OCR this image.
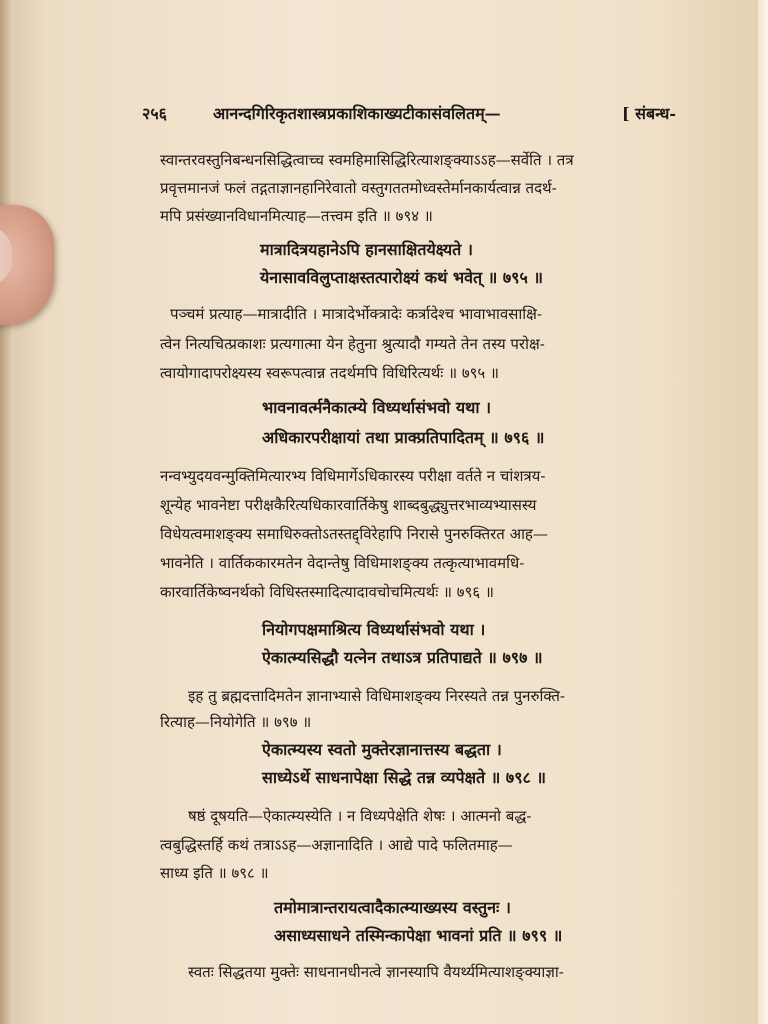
२५६	आनन्दगिरिकृतशास्त्रप्रकाशिकाख्यटीकासंवलितम्—	[ संबन्ध-
स्वान्तरवस्तुनिबन्धनसिद्धित्वाच्च स्वमहिमासिद्धिरित्याशङ्क्याऽऽह—सर्वेति । तत्र
प्रवृत्तमानजं फलं तद्गताज्ञानहानिरेवातो वस्तुगततमोध्वस्तेर्मानकार्यत्वान्न तदर्थ-
मपि प्रसंख्यानविधानमित्याह—तत्त्वम इति ॥ ७९४ ॥
मात्रादित्रयहानेऽपि हानसाक्षितयेक्ष्यते ।
येनासावविलुप्ताक्षस्तत्पारोक्ष्यं कथं भवेत् ॥ ७९५ ॥
पञ्चमं प्रत्याह—मात्रादीति । मात्रादेर्भोक्त्रादेः कर्त्रादेश्च भावाभावसाक्षि-
त्वेन नित्यचित्प्रकाशः प्रत्यगात्मा येन हेतुना श्रुत्यादौ गम्यते तेन तस्य परोक्ष-
त्वायोगादापरोक्ष्यस्य स्वरूपत्वान्न तदर्थमपि विधिरित्यर्थः ॥ ७९५ ॥
भावनावर्त्मनैकात्म्ये विध्यर्थासंभवो यथा ।
अधिकारपरीक्षायां तथा प्राक्प्रतिपादितम् ॥ ७९६ ॥
नन्वभ्युदयवन्मुक्तिमित्यारभ्य विधिमार्गेऽधिकारस्य परीक्षा वर्तते न चांशत्रय-
शून्येह भावनेष्टा परीक्षकैरित्यधिकारवार्तिकेषु शाब्दबुद्ध्युत्तरभाव्यभ्यासस्य
विधेयत्वमाशङ्क्य समाधिरुक्तोऽतस्तद्द्विरेहापि निरासे पुनरुक्तिरत आह—
भावनेति । वार्तिककारमतेन वेदान्तेषु विधिमाशङ्क्य तत्कृत्याभावमधि-
कारवार्तिकेष्वनर्थको विधिस्तस्मादित्यादावचोचमित्यर्थः ॥ ७९६ ॥
नियोगपक्षमाश्रित्य विध्यर्थासंभवो यथा ।
ऐकात्म्यसिद्धौ यत्नेन तथाऽत्र प्रतिपाद्यते ॥ ७९७ ॥
इह तु ब्रह्मदत्तादिमतेन ज्ञानाभ्यासे विधिमाशङ्क्य निरस्यते तन्न पुनरुक्ति-
रित्याह—नियोगेति ॥ ७९७ ॥
ऐकात्म्यस्य स्वतो मुक्तेरज्ञानात्तस्य बद्धता ।
साध्येऽर्थे साधनापेक्षा सिद्धे तन्न व्यपेक्षते ॥ ७९८ ॥
षष्ठं दूषयति—ऐकात्म्यस्येति । न विध्यपेक्षेति शेषः । आत्मनो बद्ध-
त्वबुद्धिस्तर्हि कथं तत्राऽऽह—अज्ञानादिति । आद्ये पादे फलितमाह—
साध्य इति ॥ ७९८ ॥
तमोमात्रान्तरायत्वादैकात्म्याख्यस्य वस्तुनः ।
असाध्यसाधने तस्मिन्कापेक्षा भावनां प्रति ॥ ७९९ ॥
स्वतः सिद्धतया मुक्तेः साधनानधीनत्वे ज्ञानस्यापि वैयर्थ्यमित्याशङ्क्याज्ञा-
